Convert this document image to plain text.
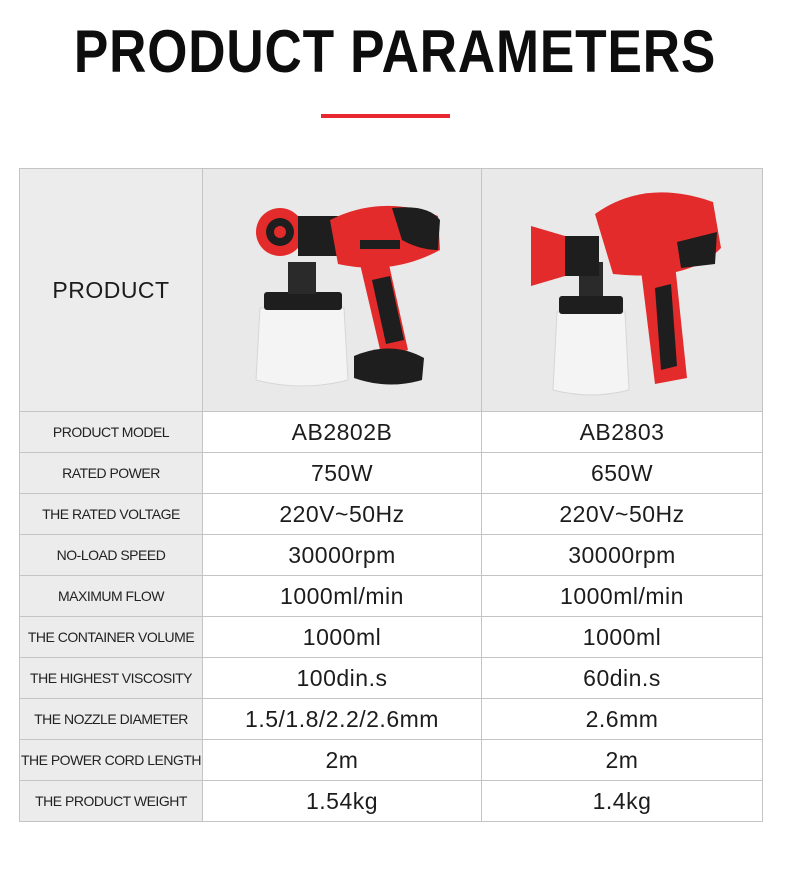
PRODUCT PARAMETERS
PRODUCT	

PRODUCT MODEL	AB2802B	AB2803
RATED POWER	750W	650W
THE RATED VOLTAGE	220V~50Hz	220V~50Hz
NO-LOAD SPEED	30000rpm	30000rpm
MAXIMUM FLOW	1000ml/min	1000ml/min
THE CONTAINER VOLUME	1000ml	1000ml
THE HIGHEST VISCOSITY	100din.s	60din.s
THE NOZZLE DIAMETER	1.5/1.8/2.2/2.6mm	2.6mm
THE POWER CORD LENGTH	2m	2m
THE PRODUCT WEIGHT	1.54kg	1.4kg
